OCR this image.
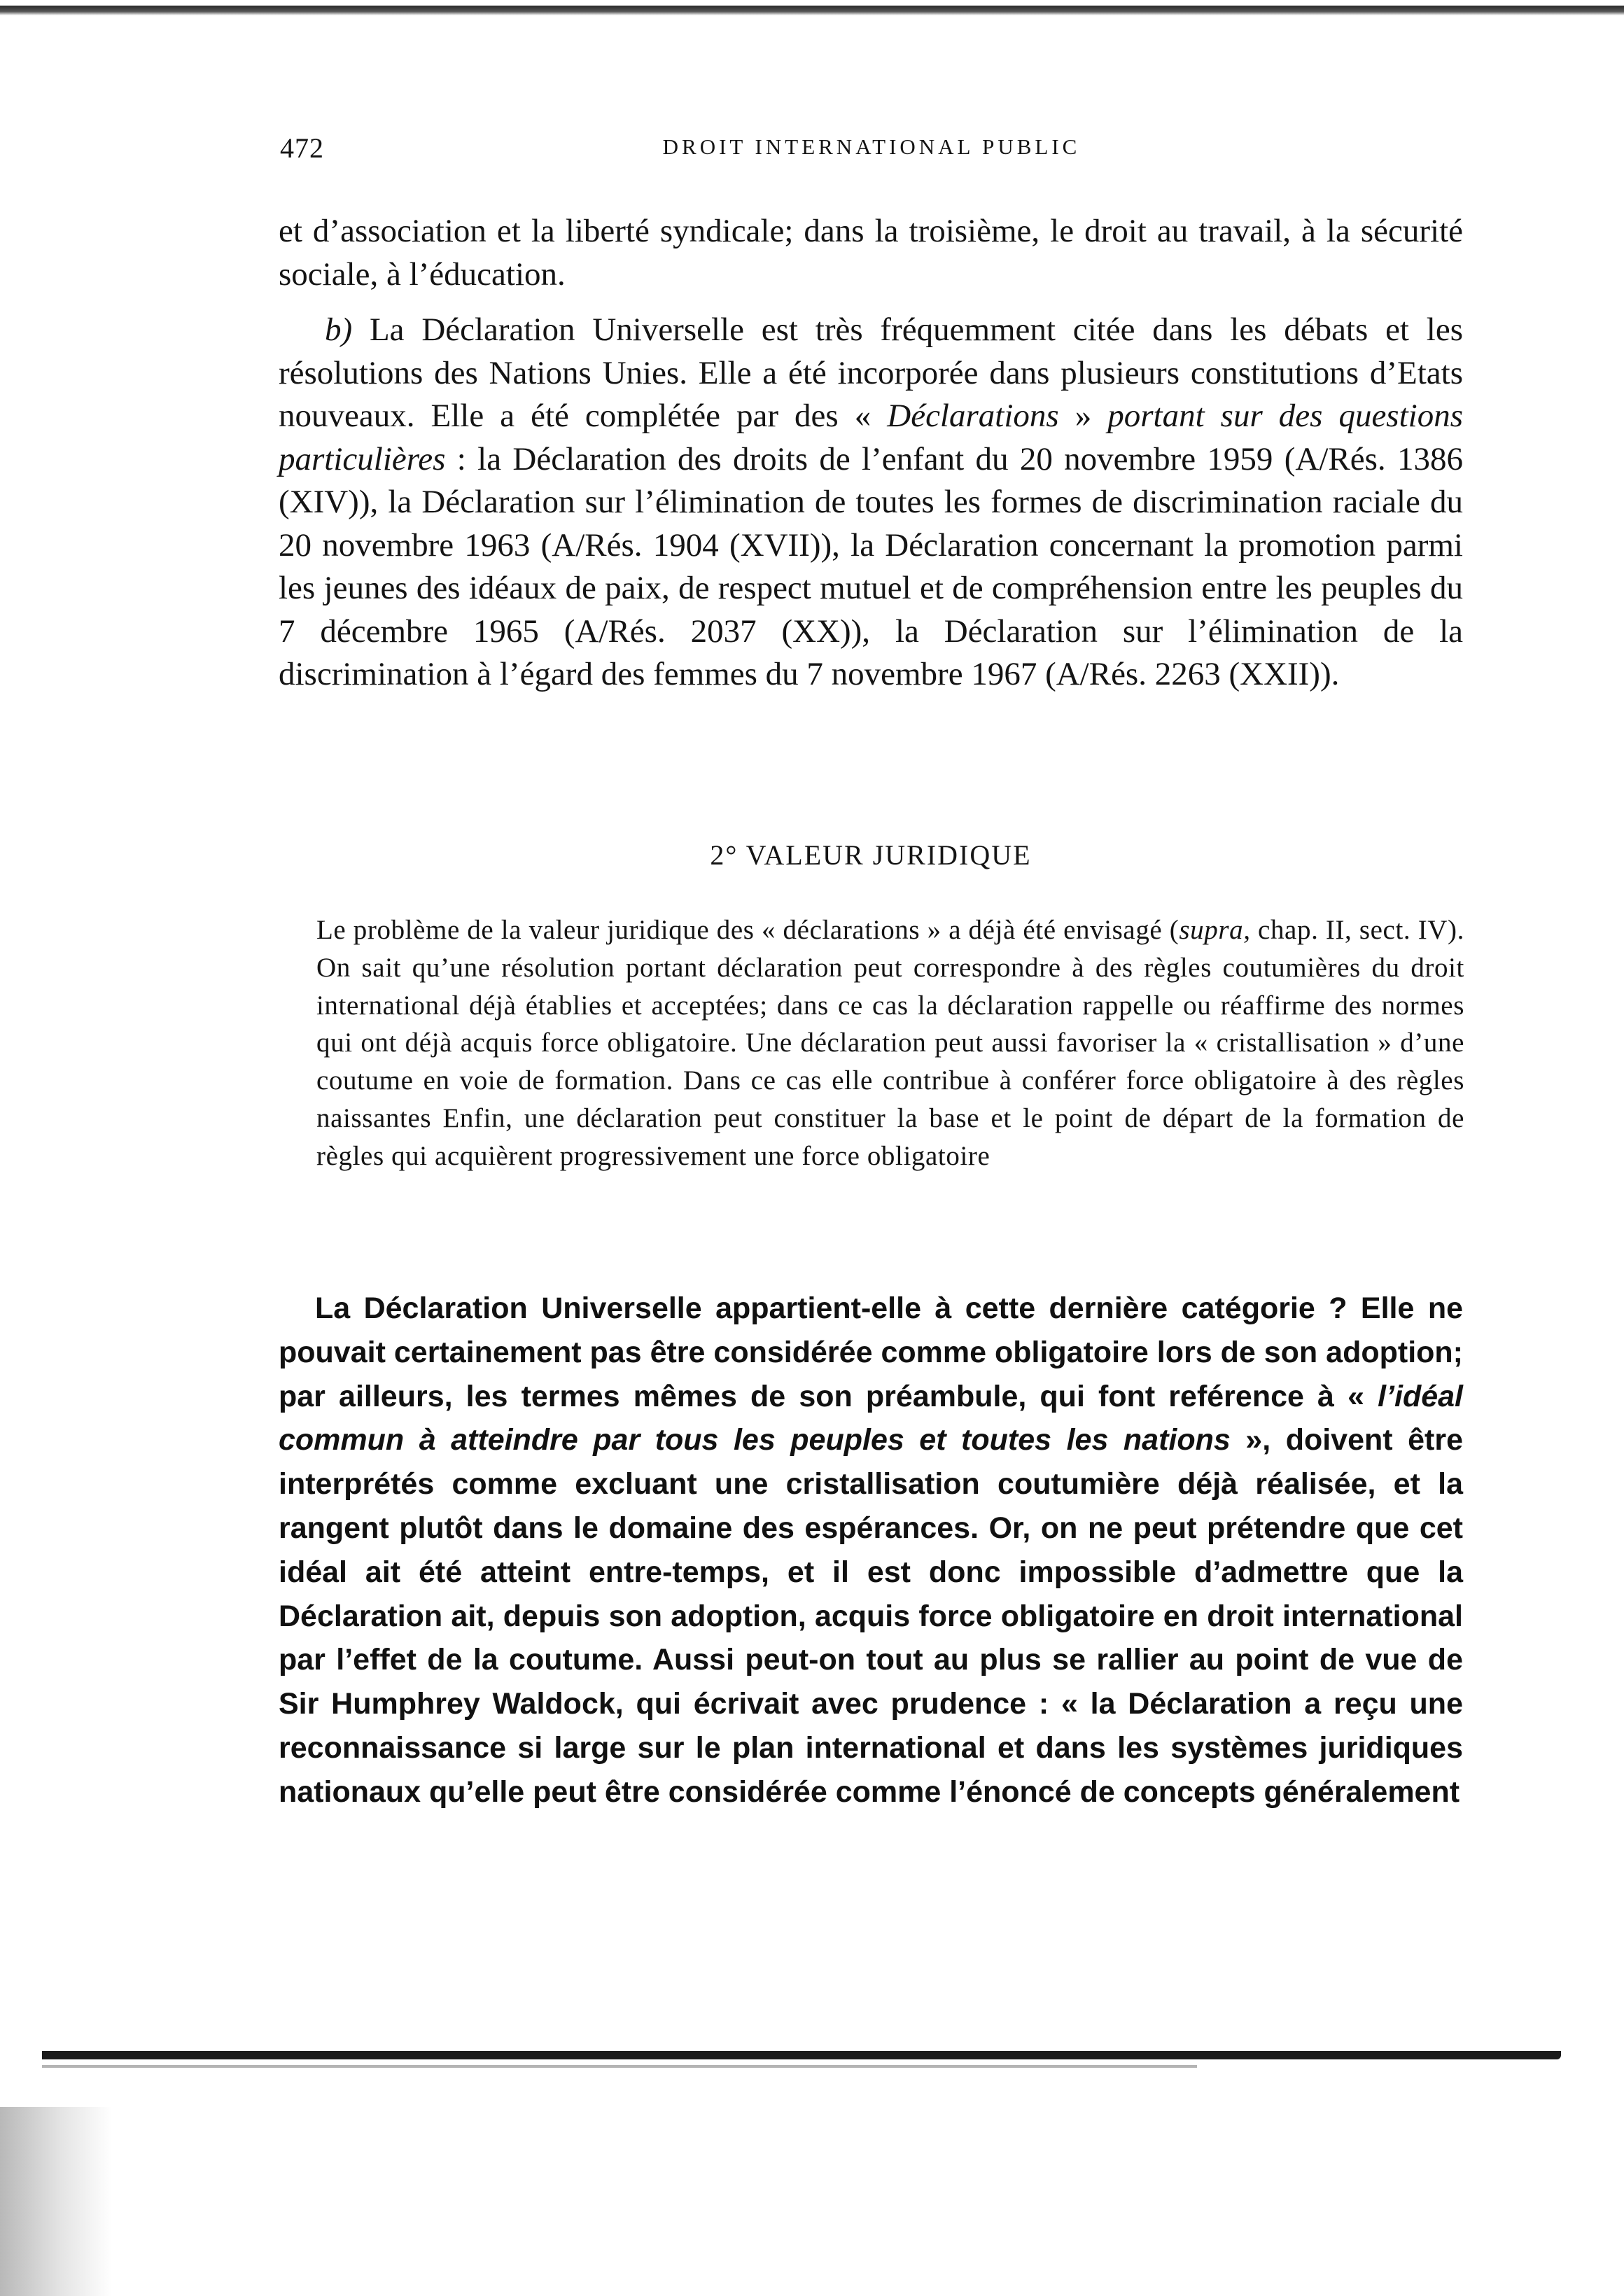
472	DROIT INTERNATIONAL PUBLIC

et d’association et la liberté syndicale; dans la troisième, le droit au travail, à la sécurité sociale, à l’éducation.

b) La Déclaration Universelle est très fréquemment citée dans les débats et les résolutions des Nations Unies. Elle a été incorporée dans plusieurs constitutions d’Etats nouveaux. Elle a été complétée par des « Déclarations » portant sur des questions particulières : la Déclaration des droits de l’enfant du 20 novembre 1959 (A/Rés. 1386 (XIV)), la Déclaration sur l’élimination de toutes les formes de discrimination raciale du 20 novembre 1963 (A/Rés. 1904 (XVII)), la Déclaration concernant la promotion parmi les jeunes des idéaux de paix, de respect mutuel et de compréhension entre les peuples du 7 décembre 1965 (A/Rés. 2037 (XX)), la Déclaration sur l’élimination de la discrimination à l’égard des femmes du 7 novembre 1967 (A/Rés. 2263 (XXII)).

2° VALEUR JURIDIQUE
Le problème de la valeur juridique des « déclarations » a déjà été envisagé (supra, chap. II, sect. IV). On sait qu’une résolution portant déclaration peut correspondre à des règles coutumières du droit international déjà établies et acceptées; dans ce cas la déclaration rappelle ou réaffirme des normes qui ont déjà acquis force obligatoire. Une déclaration peut aussi favoriser la « cristallisation » d’une coutume en voie de formation. Dans ce cas elle contribue à conférer force obligatoire à des règles naissantes Enfin, une déclaration peut constituer la base et le point de départ de la formation de règles qui acquièrent progressivement une force obligatoire

La Déclaration Universelle appartient-elle à cette dernière catégorie ? Elle ne pouvait certainement pas être considérée comme obligatoire lors de son adoption; par ailleurs, les termes mêmes de son préambule, qui font reférence à « l’idéal commun à atteindre par tous les peuples et toutes les nations », doivent être interprétés comme excluant une cristallisation coutumière déjà réalisée, et la rangent plutôt dans le domaine des espérances. Or, on ne peut prétendre que cet idéal ait été atteint entre-temps, et il est donc impossible d’admettre que la Déclaration ait, depuis son adoption, acquis force obligatoire en droit international par l’effet de la coutume. Aussi peut-on tout au plus se rallier au point de vue de Sir Humphrey Waldock, qui écrivait avec prudence : « la Déclaration a reçu une reconnaissance si large sur le plan international et dans les systèmes juridiques nationaux qu’elle peut être considérée comme l’énoncé de concepts généralement
